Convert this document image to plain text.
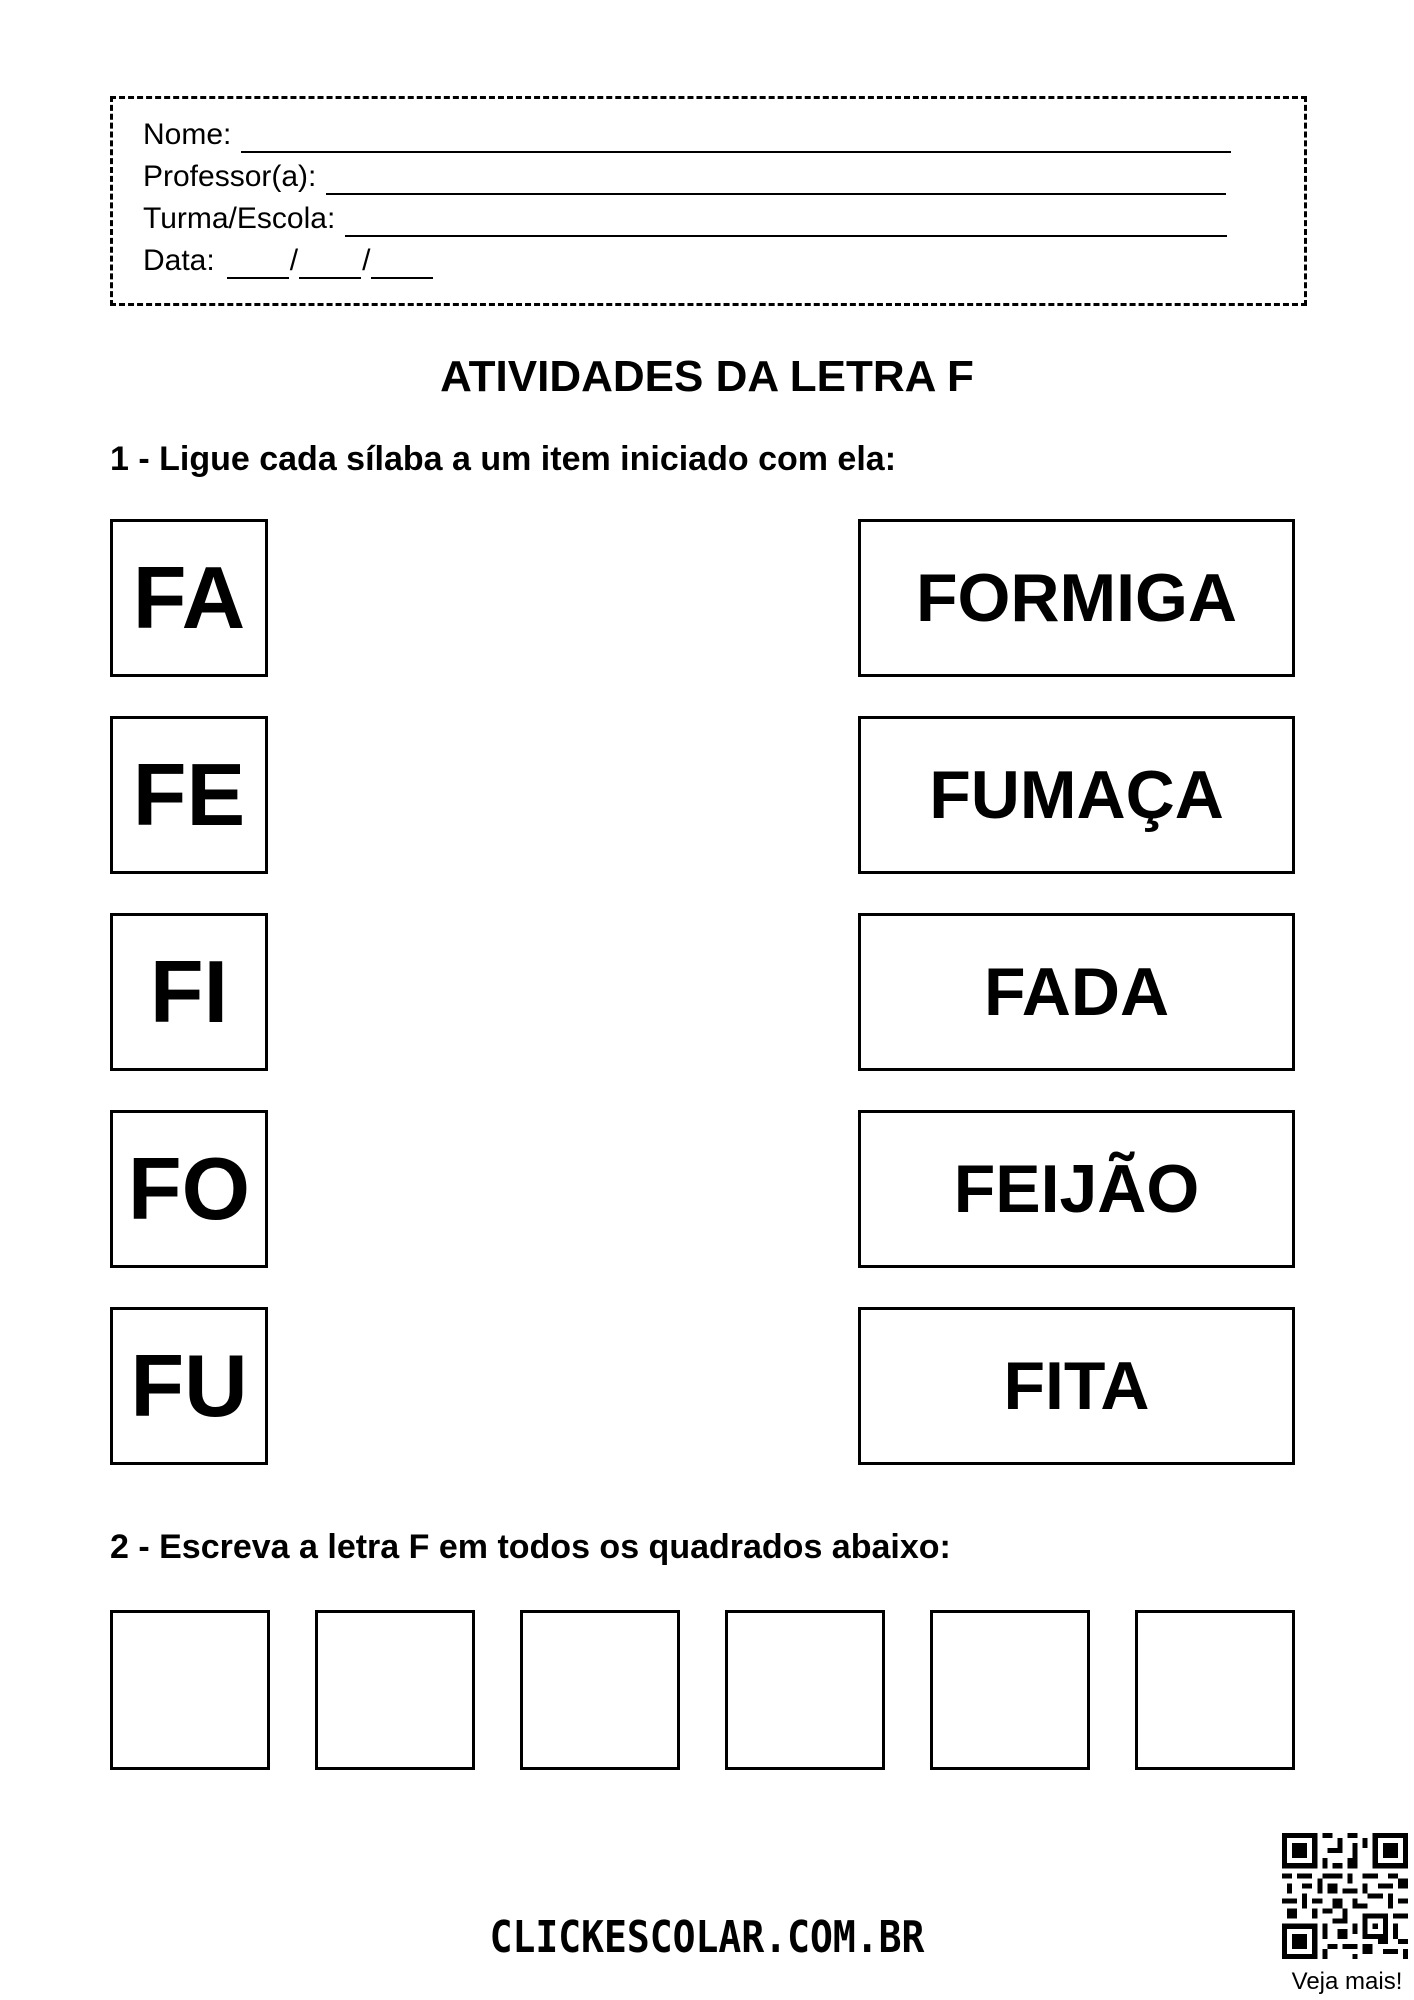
Nome:
Professor(a):
Turma/Escola:
Data:	/ /
ATIVIDADES DA LETRA F
1 - Ligue cada sílaba a um item iniciado com ela:
FA
FE
FI
FO
FU
FORMIGA
FUMAÇA
FADA
FEIJÃO
FITA
2 - Escreva a letra F em todos os quadrados abaixo:
CLICKESCOLAR.COM.BR
Veja mais!
